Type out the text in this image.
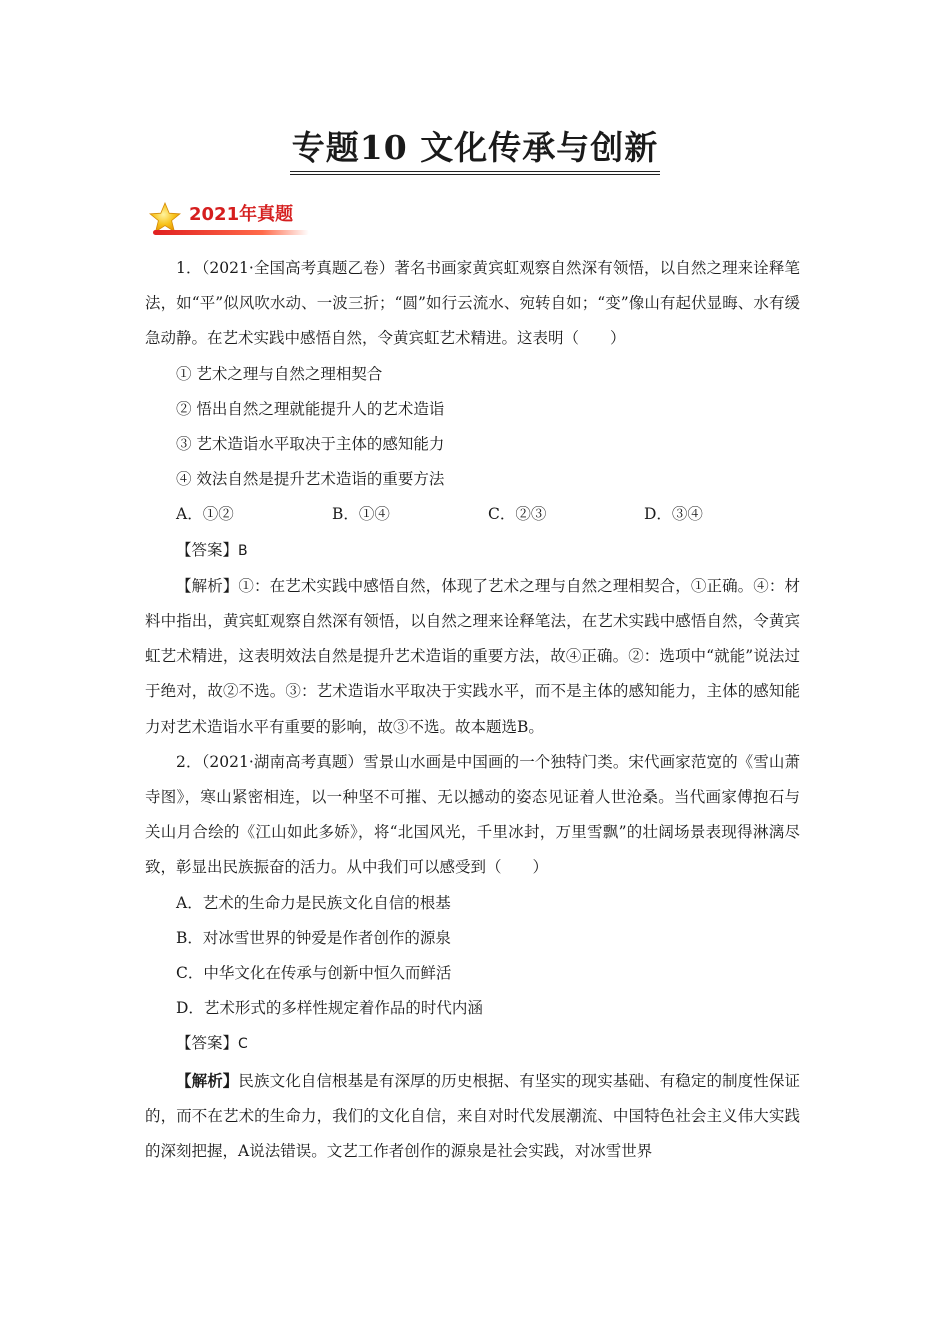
专题10 文化传承与创新
2021年真题

1．（2021·全国高考真题乙卷）著名书画家黄宾虹观察自然深有领悟，以自然之理来诠释笔法，如“平”似风吹水动、一波三折；“圆”如行云流水、宛转自如；“变”像山有起伏显晦、水有缓急动静。在艺术实践中感悟自然，令黄宾虹艺术精进。这表明（　　）

① 艺术之理与自然之理相契合

② 悟出自然之理就能提升人的艺术造诣

③ 艺术造诣水平取决于主体的感知能力

④ 效法自然是提升艺术造诣的重要方法

A．①②	B．①④	C．②③	D．③④

【答案】B

【解析】①：在艺术实践中感悟自然，体现了艺术之理与自然之理相契合，①正确。④：材料中指出，黄宾虹观察自然深有领悟，以自然之理来诠释笔法，在艺术实践中感悟自然，令黄宾虹艺术精进，这表明效法自然是提升艺术造诣的重要方法，故④正确。②：选项中“就能”说法过于绝对，故②不选。③：艺术造诣水平取决于实践水平，而不是主体的感知能力，主体的感知能力对艺术造诣水平有重要的影响，故③不选。故本题选B。

2．（2021·湖南高考真题）雪景山水画是中国画的一个独特门类。宋代画家范宽的《雪山萧寺图》，寒山紧密相连，以一种坚不可摧、无以撼动的姿态见证着人世沧桑。当代画家傅抱石与关山月合绘的《江山如此多娇》，将“北国风光，千里冰封，万里雪飘”的壮阔场景表现得淋漓尽致，彰显出民族振奋的活力。从中我们可以感受到（　　）

A．艺术的生命力是民族文化自信的根基

B．对冰雪世界的钟爱是作者创作的源泉

C．中华文化在传承与创新中恒久而鲜活

D．艺术形式的多样性规定着作品的时代内涵

【答案】C

【解析】民族文化自信根基是有深厚的历史根据、有坚实的现实基础、有稳定的制度性保证的，而不在艺术的生命力，我们的文化自信，来自对时代发展潮流、中国特色社会主义伟大实践的深刻把握，A说法错误。文艺工作者创作的源泉是社会实践，对冰雪世界
